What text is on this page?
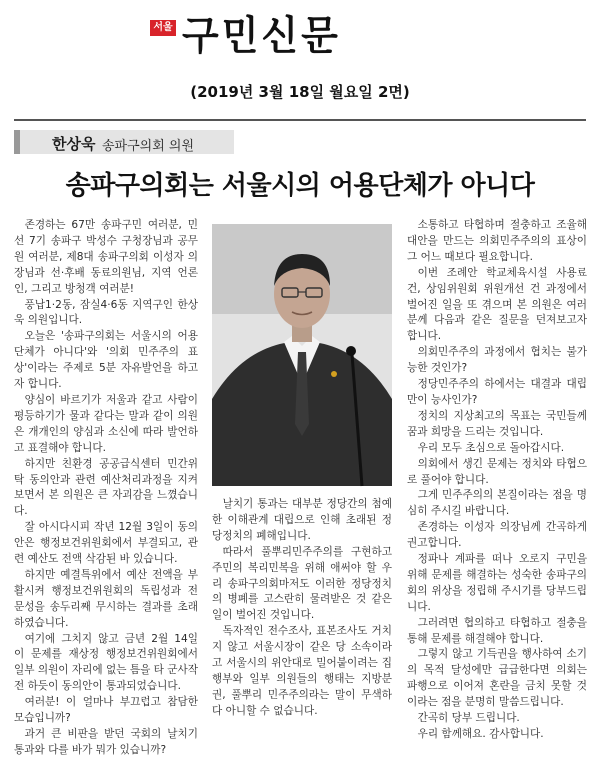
서울 구민신문
(2019년 3월 18일 월요일 2면)
한상욱 송파구의회 의원
송파구의회는 서울시의 어용단체가 아니다

존경하는 67만 송파구민 여러분, 민선 7기 송파구 박성수 구청장님과 공무원 여러분, 제8대 송파구의회 이성자 의장님과 선·후배 동료의원님, 지역 언론인, 그리고 방청객 여러분!

풍납1·2동, 잠실4·6동 지역구인 한상욱 의원입니다.

오늘은 '송파구의회는 서울시의 어용단체가 아니다'와 '의회 민주주의 표상'이라는 주제로 5분 자유발언을 하고자 합니다.

양심이 바르기가 저울과 같고 사람이 평등하기가 물과 같다는 말과 같이 의원은 개개인의 양심과 소신에 따라 발언하고 표결해야 합니다.

하지만 친환경 공공급식센터 민간위탁 동의안과 관련 예산처리과정을 지켜보면서 본 의원은 큰 자괴감을 느꼈습니다.

잘 아시다시피 작년 12월 3일이 동의안은 행정보건위원회에서 부결되고, 관련 예산도 전액 삭감된 바 있습니다.

하지만 예결특위에서 예산 전액을 부활시켜 행정보건위원회의 독립성과 전문성을 송두리째 무시하는 결과를 초래하였습니다.

여기에 그치지 않고 금년 2월 14일 이 문제를 재상정 행정보건위원회에서 일부 의원이 자리에 없는 틈을 타 군사작전 하듯이 동의안이 통과되었습니다.

여러분! 이 얼마나 부끄럽고 참담한 모습입니까?

과거 큰 비판을 받던 국회의 날치기 통과와 다를 바가 뭐가 있습니까?

날치기 통과는 대부분 정당간의 첨예한 이해관계 대립으로 인해 초래된 정당정치의 폐해입니다.

따라서 풀뿌리민주주의를 구현하고 주민의 복리민복을 위해 애써야 할 우리 송파구의회마저도 이러한 정당정치의 병폐를 고스란히 물려받은 것 같은 일이 벌어진 것입니다.

독자적인 전수조사, 표본조사도 거치지 않고 서울시장이 같은 당 소속이라고 서울시의 위안대로 밀어붙이려는 집행부와 일부 의원들의 행태는 지방분권, 풀뿌리 민주주의라는 말이 무색하다 아니할 수 없습니다.

소통하고 타협하며 절충하고 조율해 대안을 만드는 의회민주주의의 표상이 그 어느 때보다 필요합니다.

이번 조례안 학교체육시설 사용료 건, 상임위원회 위원개선 건 과정에서 벌어진 일을 또 겪으며 본 의원은 여러분께 다음과 같은 질문을 던져보고자 합니다.

의회민주주의 과정에서 협치는 불가능한 것인가?

정당민주주의 하에서는 대결과 대립만이 능사인가?

정치의 지상최고의 목표는 국민들께 꿈과 희망을 드리는 것입니다.

우리 모두 초심으로 돌아갑시다.

의회에서 생긴 문제는 정치와 타협으로 풀어야 합니다.

그게 민주주의의 본질이라는 점을 명심히 주시길 바랍니다.

존경하는 이성자 의장님께 간곡하게 권고합니다.

정파나 계파를 떠나 오로지 구민을 위해 문제를 해결하는 성숙한 송파구의회의 위상을 정립해 주시기를 당부드립니다.

그러려면 협의하고 타협하고 절충을 통해 문제를 해결해야 합니다.

그렇지 않고 기득권을 행사하여 소기의 목적 달성에만 급급한다면 의회는 파행으로 이어져 혼란을 금치 못할 것이라는 점을 분명히 말씀드립니다.

간곡히 당부 드립니다.

우리 함께해요. 감사합니다.
